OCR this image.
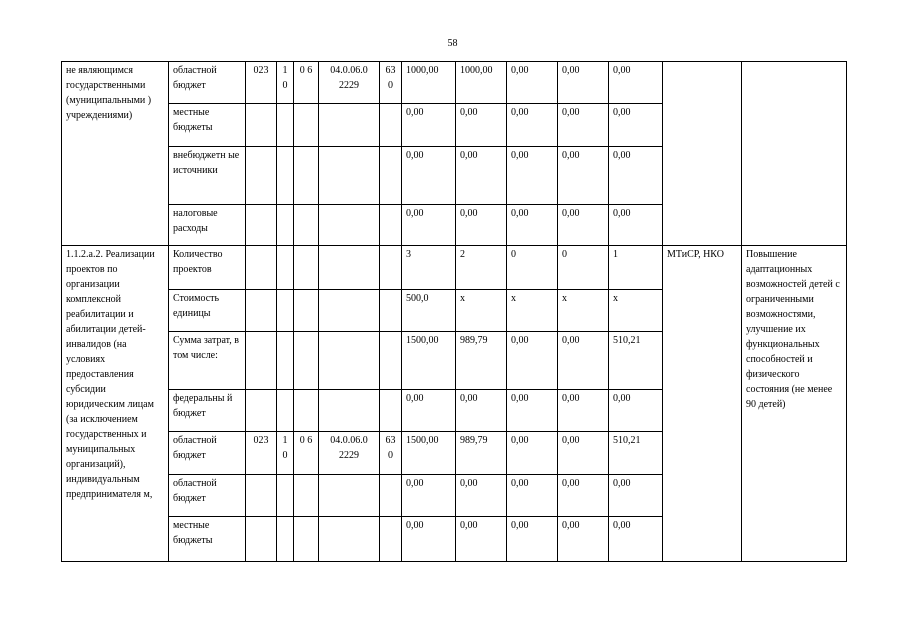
58
не являющимся государственными (муниципальными ) учреждениями)	областной бюджет	023	1 0	0 6	04.0.06.0 2229	63 0	1000,00	1000,00	0,00	0,00	0,00		
	местные бюджеты						0,00	0,00	0,00	0,00	0,00		
	внебюджетн ые источники						0,00	0,00	0,00	0,00	0,00		
	налоговые расходы						0,00	0,00	0,00	0,00	0,00		
1.1.2.а.2. Реализации проектов по организации комплексной реабилитации и абилитации детей-инвалидов (на условиях предоставления субсидии юридическим лицам (за исключением государственных и муниципальных организаций), индивидуальным предпринимателя м,	Количество проектов						3	2	0	0	1	МТиСР, НКО	Повышение адаптационных возможностей детей с ограниченными возможностями, улучшение их функциональных способностей и физического состояния (не менее 90 детей)
	Стоимость единицы						500,0	х	х	х	х		
	Сумма затрат, в том числе:						1500,00	989,79	0,00	0,00	510,21		
	федеральны й бюджет						0,00	0,00	0,00	0,00	0,00		
	областной бюджет	023	1 0	0 6	04.0.06.0 2229	63 0	1500,00	989,79	0,00	0,00	510,21		
	областной бюджет						0,00	0,00	0,00	0,00	0,00		
	местные бюджеты						0,00	0,00	0,00	0,00	0,00		
